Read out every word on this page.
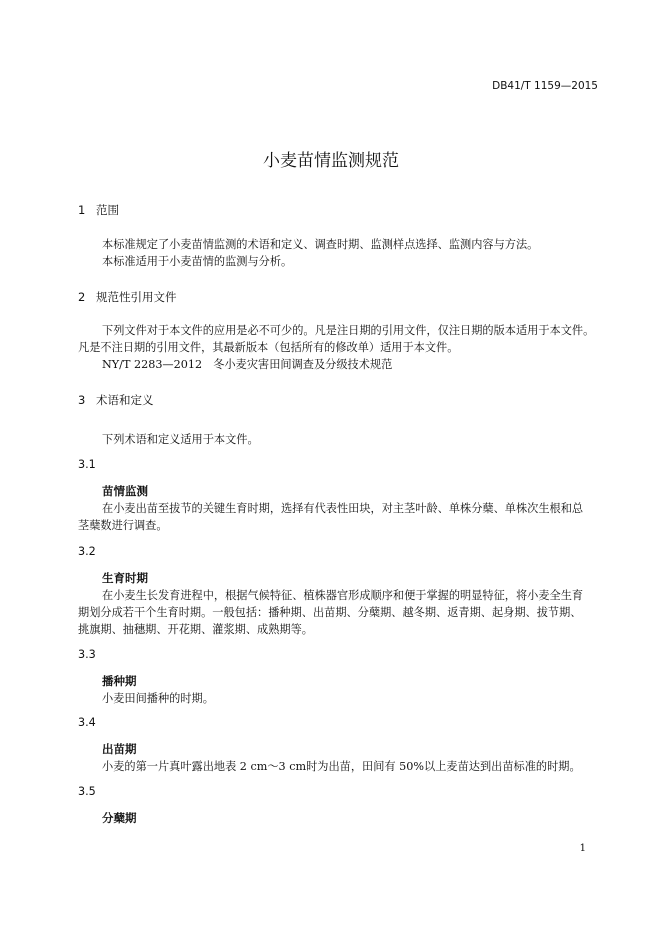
DB41/T 1159—2015
小麦苗情监测规范
1 范围
本标准规定了小麦苗情监测的术语和定义、调查时期、监测样点选择、监测内容与方法。
本标准适用于小麦苗情的监测与分析。
2 规范性引用文件
下列文件对于本文件的应用是必不可少的。凡是注日期的引用文件，仅注日期的版本适用于本文件。
凡是不注日期的引用文件，其最新版本（包括所有的修改单）适用于本文件。
NY/T 2283—2012　冬小麦灾害田间调查及分级技术规范
3 术语和定义
下列术语和定义适用于本文件。
3.1
苗情监测
在小麦出苗至拔节的关键生育时期，选择有代表性田块，对主茎叶龄、单株分蘖、单株次生根和总
茎蘖数进行调查。
3.2
生育时期
在小麦生长发育进程中，根据气候特征、植株器官形成顺序和便于掌握的明显特征，将小麦全生育
期划分成若干个生育时期。一般包括：播种期、出苗期、分蘖期、越冬期、返青期、起身期、拔节期、
挑旗期、抽穗期、开花期、灌浆期、成熟期等。
3.3
播种期
小麦田间播种的时期。
3.4
出苗期
小麦的第一片真叶露出地表 2 cm～3 cm时为出苗，田间有 50%以上麦苗达到出苗标准的时期。
3.5
分蘖期
1
